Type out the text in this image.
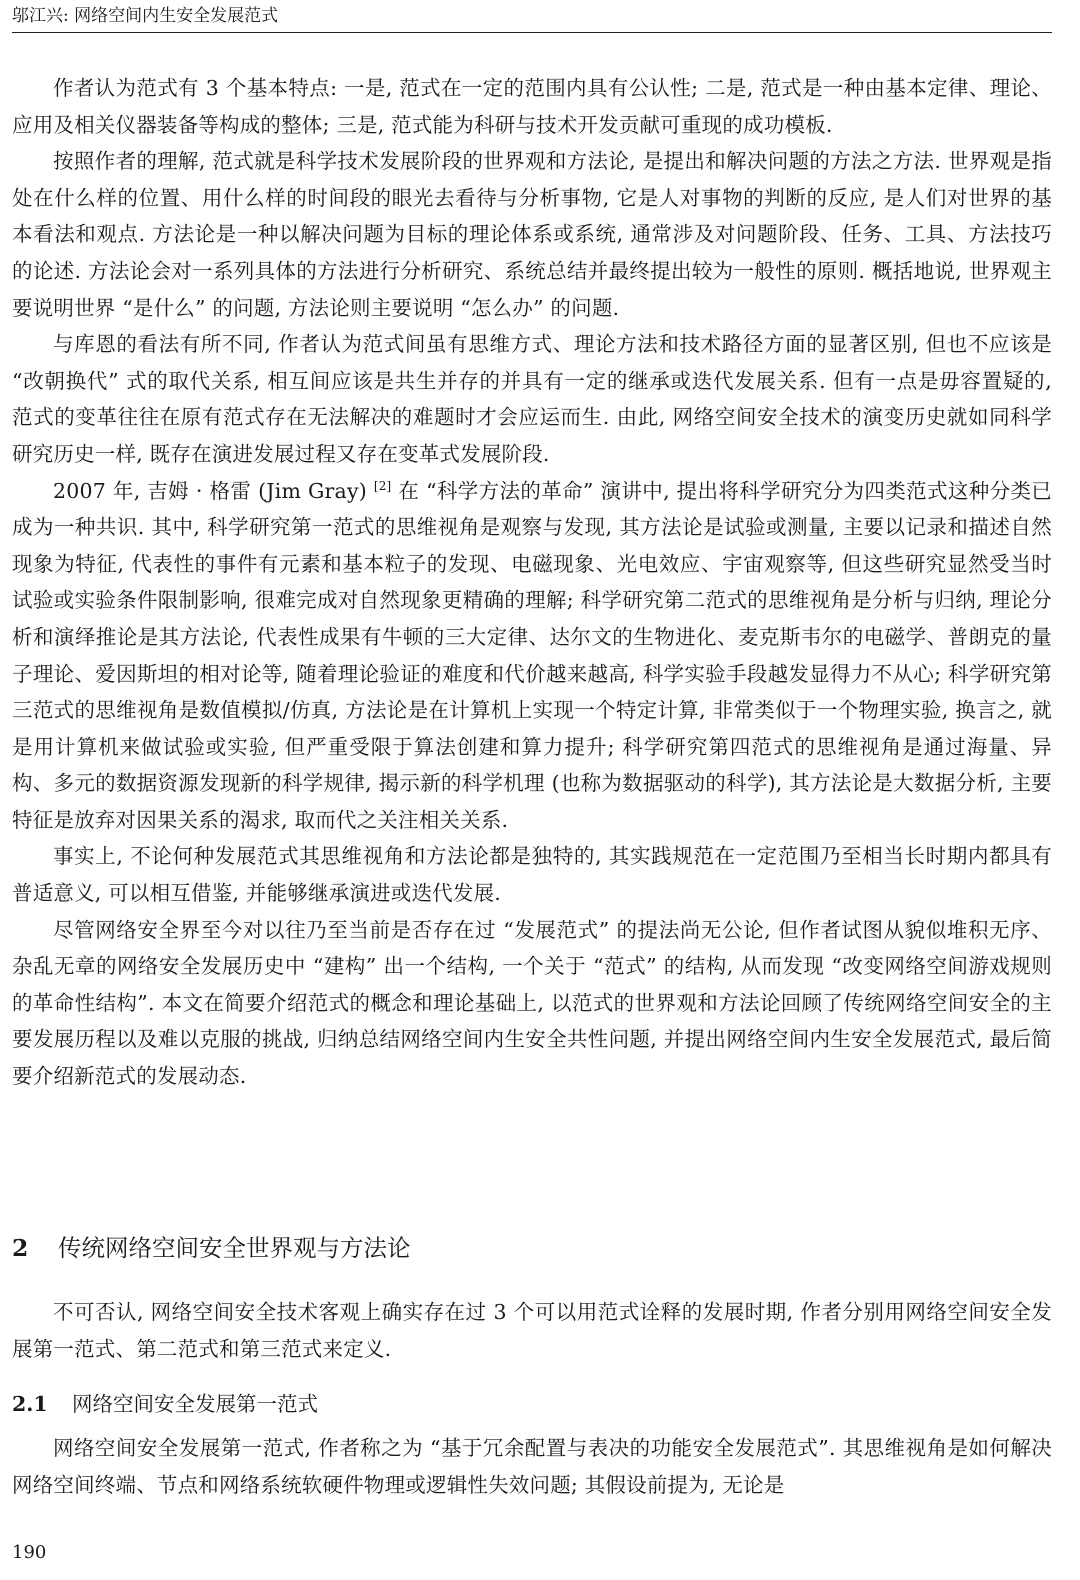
邬江兴: 网络空间内生安全发展范式

作者认为范式有 3 个基本特点: 一是, 范式在一定的范围内具有公认性; 二是, 范式是一种由基本定律、理论、应用及相关仪器装备等构成的整体; 三是, 范式能为科研与技术开发贡献可重现的成功模板.

按照作者的理解, 范式就是科学技术发展阶段的世界观和方法论, 是提出和解决问题的方法之方法. 世界观是指处在什么样的位置、用什么样的时间段的眼光去看待与分析事物, 它是人对事物的判断的反应, 是人们对世界的基本看法和观点. 方法论是一种以解决问题为目标的理论体系或系统, 通常涉及对问题阶段、任务、工具、方法技巧的论述. 方法论会对一系列具体的方法进行分析研究、系统总结并最终提出较为一般性的原则. 概括地说, 世界观主要说明世界 “是什么” 的问题, 方法论则主要说明 “怎么办” 的问题.

与库恩的看法有所不同, 作者认为范式间虽有思维方式、理论方法和技术路径方面的显著区别, 但也不应该是 “改朝换代” 式的取代关系, 相互间应该是共生并存的并具有一定的继承或迭代发展关系. 但有一点是毋容置疑的, 范式的变革往往在原有范式存在无法解决的难题时才会应运而生. 由此, 网络空间安全技术的演变历史就如同科学研究历史一样, 既存在演进发展过程又存在变革式发展阶段.

2007 年, 吉姆 · 格雷 (Jim Gray) [2] 在 “科学方法的革命” 演讲中, 提出将科学研究分为四类范式这种分类已成为一种共识. 其中, 科学研究第一范式的思维视角是观察与发现, 其方法论是试验或测量, 主要以记录和描述自然现象为特征, 代表性的事件有元素和基本粒子的发现、电磁现象、光电效应、宇宙观察等, 但这些研究显然受当时试验或实验条件限制影响, 很难完成对自然现象更精确的理解; 科学研究第二范式的思维视角是分析与归纳, 理论分析和演绎推论是其方法论, 代表性成果有牛顿的三大定律、达尔文的生物进化、麦克斯韦尔的电磁学、普朗克的量子理论、爱因斯坦的相对论等, 随着理论验证的难度和代价越来越高, 科学实验手段越发显得力不从心; 科学研究第三范式的思维视角是数值模拟/仿真, 方法论是在计算机上实现一个特定计算, 非常类似于一个物理实验, 换言之, 就是用计算机来做试验或实验, 但严重受限于算法创建和算力提升; 科学研究第四范式的思维视角是通过海量、异构、多元的数据资源发现新的科学规律, 揭示新的科学机理 (也称为数据驱动的科学), 其方法论是大数据分析, 主要特征是放弃对因果关系的渴求, 取而代之关注相关关系.

事实上, 不论何种发展范式其思维视角和方法论都是独特的, 其实践规范在一定范围乃至相当长时期内都具有普适意义, 可以相互借鉴, 并能够继承演进或迭代发展.

尽管网络安全界至今对以往乃至当前是否存在过 “发展范式” 的提法尚无公论, 但作者试图从貌似堆积无序、杂乱无章的网络安全发展历史中 “建构” 出一个结构, 一个关于 “范式” 的结构, 从而发现 “改变网络空间游戏规则的革命性结构”. 本文在简要介绍范式的概念和理论基础上, 以范式的世界观和方法论回顾了传统网络空间安全的主要发展历程以及难以克服的挑战, 归纳总结网络空间内生安全共性问题, 并提出网络空间内生安全发展范式, 最后简要介绍新范式的发展动态.

2 传统网络空间安全世界观与方法论

不可否认, 网络空间安全技术客观上确实存在过 3 个可以用范式诠释的发展时期, 作者分别用网络空间安全发展第一范式、第二范式和第三范式来定义.

2.1 网络空间安全发展第一范式

网络空间安全发展第一范式, 作者称之为 “基于冗余配置与表决的功能安全发展范式”. 其思维视角是如何解决网络空间终端、节点和网络系统软硬件物理或逻辑性失效问题; 其假设前提为, 无论是

190
